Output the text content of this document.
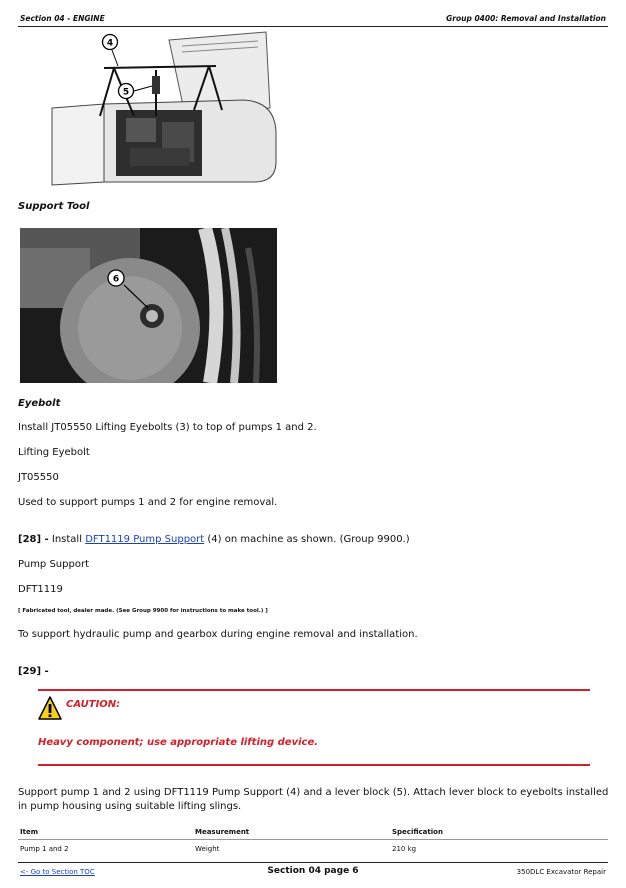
Section 04 - ENGINE	Group 0400: Removal and Installation
4
5
Support Tool
6
Eyebolt
Install JT05550 Lifting Eyebolts (3) to top of pumps 1 and 2.
Lifting Eyebolt
JT05550
Used to support pumps 1 and 2 for engine removal.
[28] - Install DFT1119 Pump Support (4) on machine as shown. (Group 9900.)
Pump Support
DFT1119
[ Fabricated tool, dealer made. (See Group 9900 for instructions to make tool.) ]
To support hydraulic pump and gearbox during engine removal and installation.
[29] -
CAUTION:
Heavy component; use appropriate lifting device.
Support pump 1 and 2 using DFT1119 Pump Support (4) and a lever block (5). Attach lever block to eyebolts installed in pump housing using suitable lifting slings.
Item	Measurement	Specification
Pump 1 and 2	Weight	210 kg
<- Go to Section TOC	Section 04 page 6	350DLC Excavator Repair
